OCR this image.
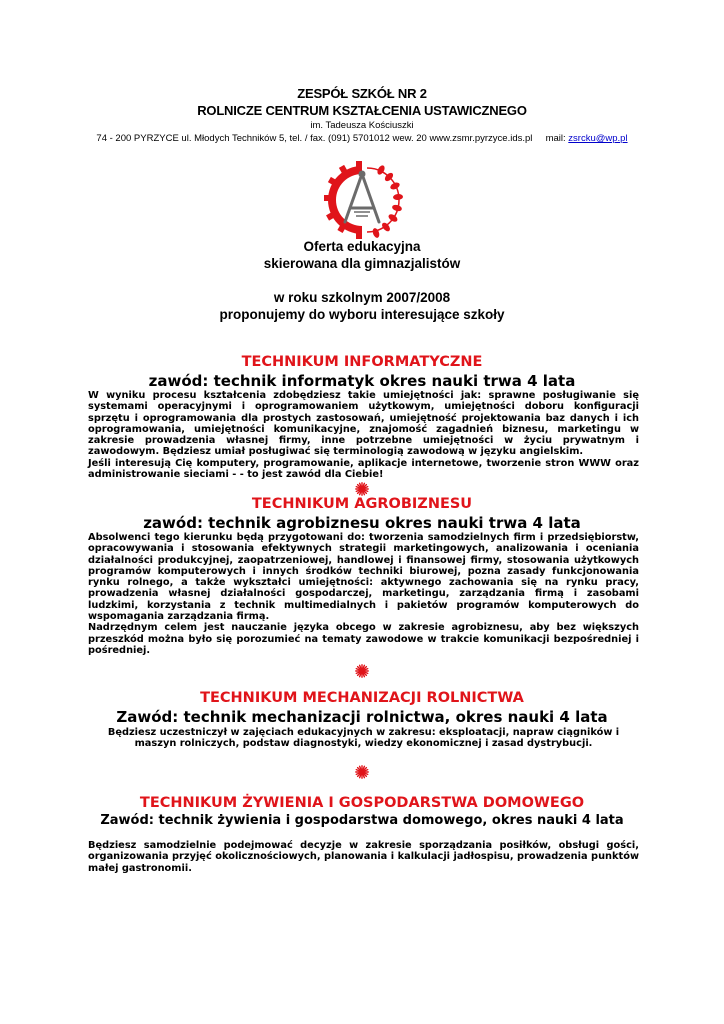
ZESPÓŁ SZKÓŁ NR 2
ROLNICZE CENTRUM KSZTAŁCENIA USTAWICZNEGO
im. Tadeusza Kościuszki
74 - 200 PYRZYCE ul. Młodych Techników 5, tel. / fax. (091) 5701012 wew. 20 www.zsmr.pyrzyce.ids.pl mail: zsrcku@wp.pl
Oferta edukacyjna
skierowana dla gimnazjalistów
w roku szkolnym 2007/2008
proponujemy do wyboru interesujące szkoły
TECHNIKUM INFORMATYCZNE
zawód: technik informatyk okres nauki trwa 4 lata

W wyniku procesu kształcenia zdobędziesz takie umiejętności jak: sprawne posługiwanie się systemami operacyjnymi i oprogramowaniem użytkowym, umiejętności doboru konfiguracji sprzętu i oprogramowania dla prostych zastosowań, umiejętność projektowania baz danych i ich oprogramowania, umiejętności komunikacyjne, znajomość zagadnień biznesu, marketingu w zakresie prowadzenia własnej firmy, inne potrzebne umiejętności w życiu prywatnym i zawodowym. Będziesz umiał posługiwać się terminologią zawodową w języku angielskim.

Jeśli interesują Cię komputery, programowanie, aplikacje internetowe, tworzenie stron WWW oraz administrowanie sieciami - - to jest zawód dla Ciebie!

TECHNIKUM AGROBIZNESU
zawód: technik agrobiznesu okres nauki trwa 4 lata

Absolwenci tego kierunku będą przygotowani do: tworzenia samodzielnych firm i przedsiębiorstw, opracowywania i stosowania efektywnych strategii marketingowych, analizowania i oceniania działalności produkcyjnej, zaopatrzeniowej, handlowej i finansowej firmy, stosowania użytkowych programów komputerowych i innych środków techniki biurowej, pozna zasady funkcjonowania rynku rolnego, a także wykształci umiejętności: aktywnego zachowania się na rynku pracy, prowadzenia własnej działalności gospodarczej, marketingu, zarządzania firmą i zasobami ludzkimi, korzystania z technik multimedialnych i pakietów programów komputerowych do wspomagania zarządzania firmą.

Nadrzędnym celem jest nauczanie języka obcego w zakresie agrobiznesu, aby bez większych przeszkód można było się porozumieć na tematy zawodowe w trakcie komunikacji bezpośredniej i pośredniej.

TECHNIKUM MECHANIZACJI ROLNICTWA
Zawód: technik mechanizacji rolnictwa, okres nauki 4 lata

Będziesz uczestniczył w zajęciach edukacyjnych w zakresu: eksploatacji, napraw ciągników i maszyn rolniczych, podstaw diagnostyki, wiedzy ekonomicznej i zasad dystrybucji.

TECHNIKUM ŻYWIENIA I GOSPODARSTWA DOMOWEGO
Zawód: technik żywienia i gospodarstwa domowego, okres nauki 4 lata

Będziesz samodzielnie podejmować decyzje w zakresie sporządzania posiłków, obsługi gości, organizowania przyjęć okolicznościowych, planowania i kalkulacji jadłospisu, prowadzenia punktów małej gastronomii.
